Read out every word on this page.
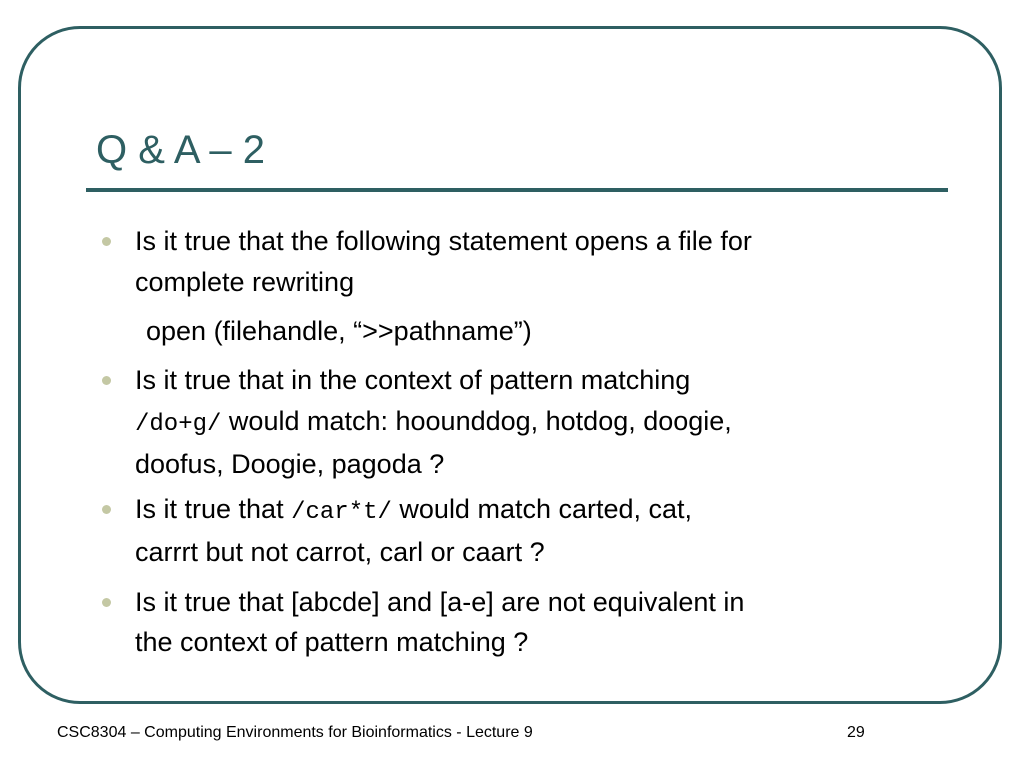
Q & A – 2
Is it true that the following statement opens a file for
complete rewriting
open (filehandle, “>>pathname”)
Is it true that in the context of pattern matching
/do+g/ would match: hoounddog, hotdog, doogie,
doofus, Doogie, pagoda ?
Is it true that /car*t/ would match carted, cat,
carrrt but not carrot, carl or caart ?
Is it true that [abcde] and [a-e] are not equivalent in
the context of pattern matching ?
CSC8304 – Computing Environments for Bioinformatics - Lecture 9	29
